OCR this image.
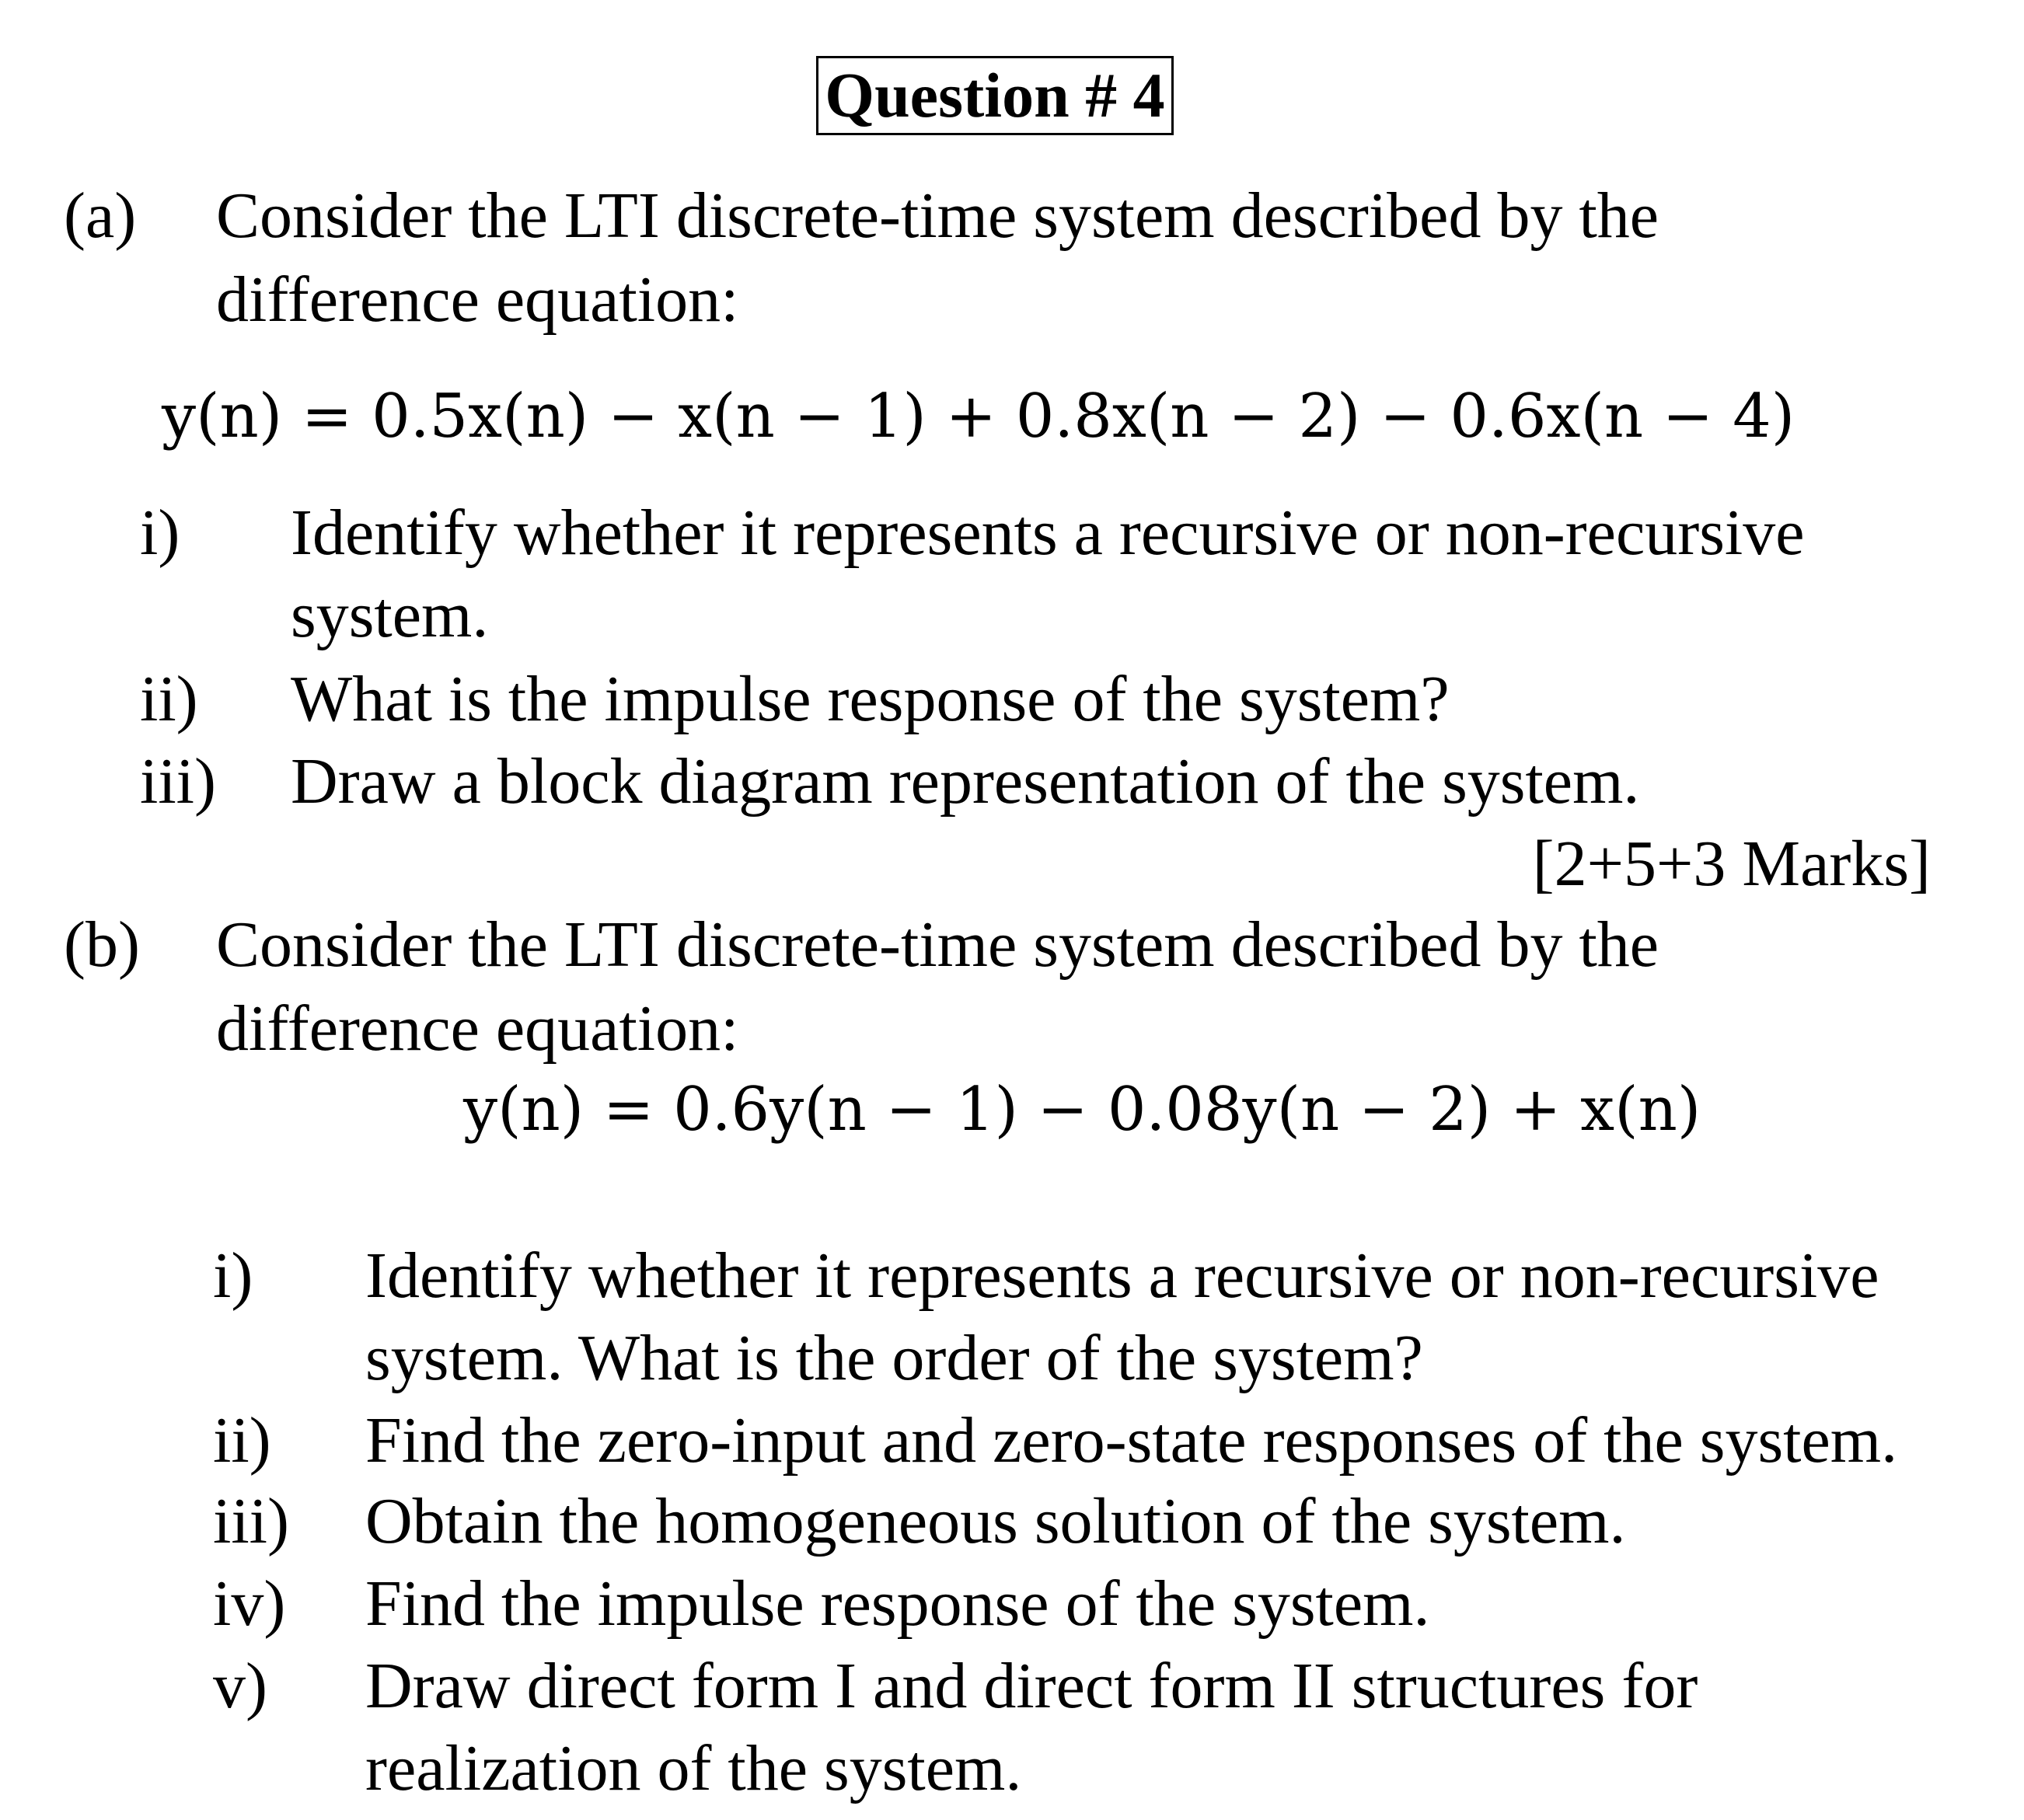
Question # 4
(a) Consider the LTI discrete-time system described by the
difference equation:
y(n) = 0.5x(n) − x(n − 1) + 0.8x(n − 2) − 0.6x(n − 4)
i) Identify whether it represents a recursive or non-recursive
system.
ii) What is the impulse response of the system?
iii) Draw a block diagram representation of the system.
[2+5+3 Marks]
(b) Consider the LTI discrete-time system described by the
difference equation:
y(n) = 0.6y(n − 1) − 0.08y(n − 2) + x(n)
i) Identify whether it represents a recursive or non-recursive
system. What is the order of the system?
ii) Find the zero-input and zero-state responses of the system.
iii) Obtain the homogeneous solution of the system.
iv) Find the impulse response of the system.
v) Draw direct form I and direct form II structures for
realization of the system.
